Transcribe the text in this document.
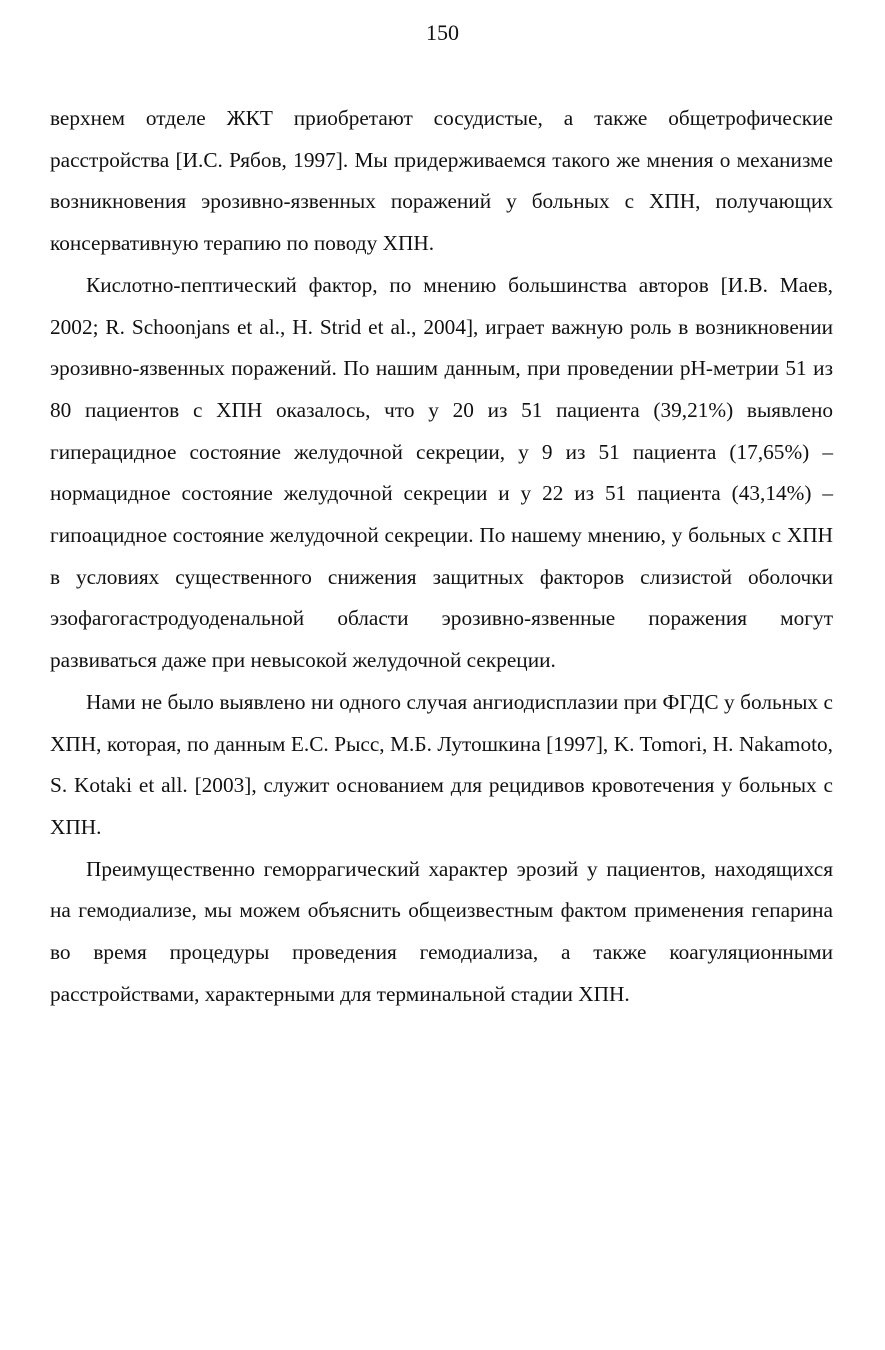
150

верхнем отделе ЖКТ приобретают сосудистые, а также общетрофические расстройства [И.С. Рябов, 1997]. Мы придерживаемся такого же мнения о механизме возникновения эрозивно-язвенных поражений у больных с ХПН, получающих консервативную терапию по поводу ХПН.

Кислотно-пептический фактор, по мнению большинства авторов [И.В. Маев, 2002; R. Schoonjans et al., H. Strid et al., 2004], играет важную роль в возникновении эрозивно-язвенных поражений. По нашим данным, при проведении pH-метрии 51 из 80 пациентов с ХПН оказалось, что у 20 из 51 пациента (39,21%) выявлено гиперацидное состояние желудочной секреции, у 9 из 51 пациента (17,65%) – нормацидное состояние желудочной секреции и у 22 из 51 пациента (43,14%) – гипоацидное состояние желудочной секреции. По нашему мнению, у больных с ХПН в условиях существенного снижения защитных факторов слизистой оболочки эзофагогастродуоденальной области эрозивно-язвенные поражения могут развиваться даже при невысокой желудочной секреции.

Нами не было выявлено ни одного случая ангиодисплазии при ФГДС у больных с ХПН, которая, по данным Е.С. Рысс, М.Б. Лутошкина [1997], K. Tomori, H. Nakamoto, S. Kotaki et all. [2003], служит основанием для рецидивов кровотечения у больных с ХПН.

Преимущественно геморрагический характер эрозий у пациентов, находящихся на гемодиализе, мы можем объяснить общеизвестным фактом применения гепарина во время процедуры проведения гемодиализа, а также коагуляционными расстройствами, характерными для терминальной стадии ХПН.
